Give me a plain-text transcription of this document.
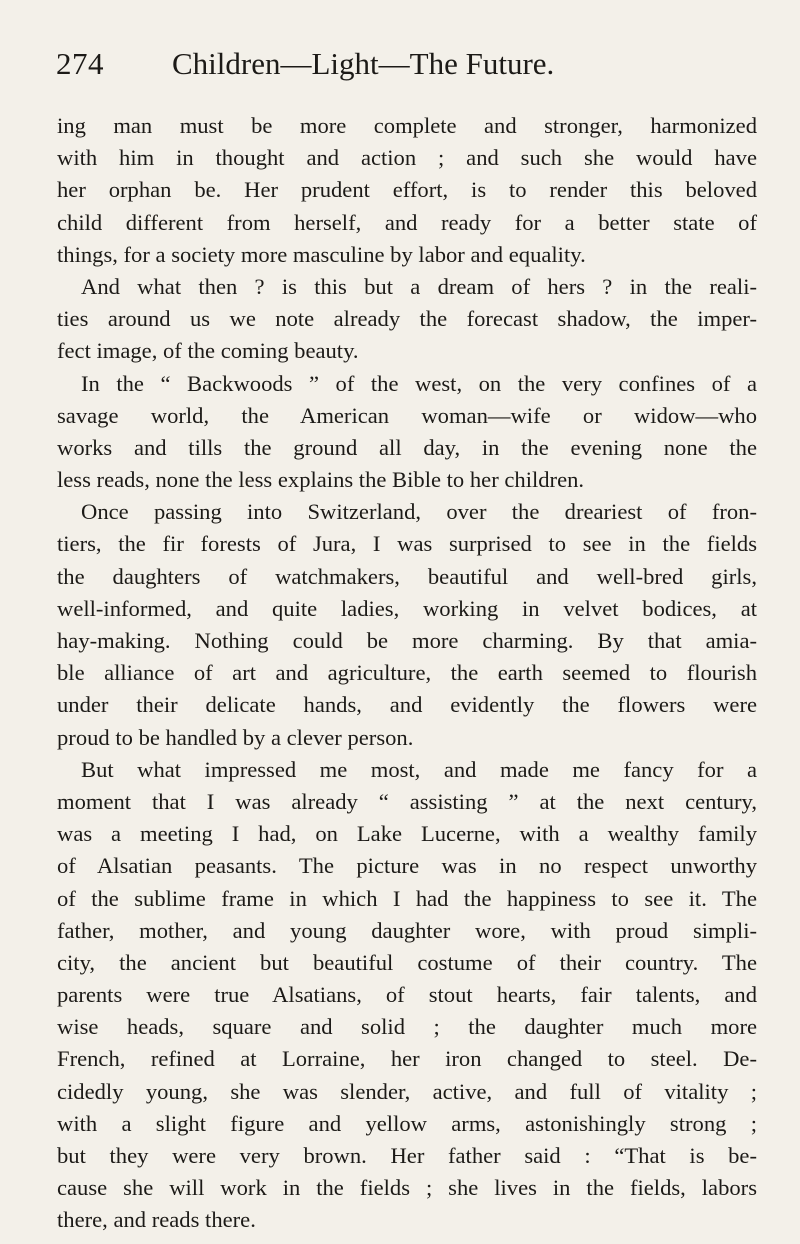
274 Children—Light—The Future.
ing man must be more complete and stronger, harmonized
with him in thought and action ; and such she would have
her orphan be. Her prudent effort, is to render this beloved
child different from herself, and ready for a better state of
things, for a society more masculine by labor and equality.
And what then ? is this but a dream of hers ? in the reali-
ties around us we note already the forecast shadow, the imper-
fect image, of the coming beauty.
In the “ Backwoods ” of the west, on the very confines of a
savage world, the American woman—wife or widow—who
works and tills the ground all day, in the evening none the
less reads, none the less explains the Bible to her children.
Once passing into Switzerland, over the dreariest of fron-
tiers, the fir forests of Jura, I was surprised to see in the fields
the daughters of watchmakers, beautiful and well-bred girls,
well-informed, and quite ladies, working in velvet bodices, at
hay-making. Nothing could be more charming. By that amia-
ble alliance of art and agriculture, the earth seemed to flourish
under their delicate hands, and evidently the flowers were
proud to be handled by a clever person.
But what impressed me most, and made me fancy for a
moment that I was already “ assisting ” at the next century,
was a meeting I had, on Lake Lucerne, with a wealthy family
of Alsatian peasants. The picture was in no respect unworthy
of the sublime frame in which I had the happiness to see it. The
father, mother, and young daughter wore, with proud simpli-
city, the ancient but beautiful costume of their country. The
parents were true Alsatians, of stout hearts, fair talents, and
wise heads, square and solid ; the daughter much more
French, refined at Lorraine, her iron changed to steel. De-
cidedly young, she was slender, active, and full of vitality ;
with a slight figure and yellow arms, astonishingly strong ;
but they were very brown. Her father said : “That is be-
cause she will work in the fields ; she lives in the fields, labors
there, and reads there.
